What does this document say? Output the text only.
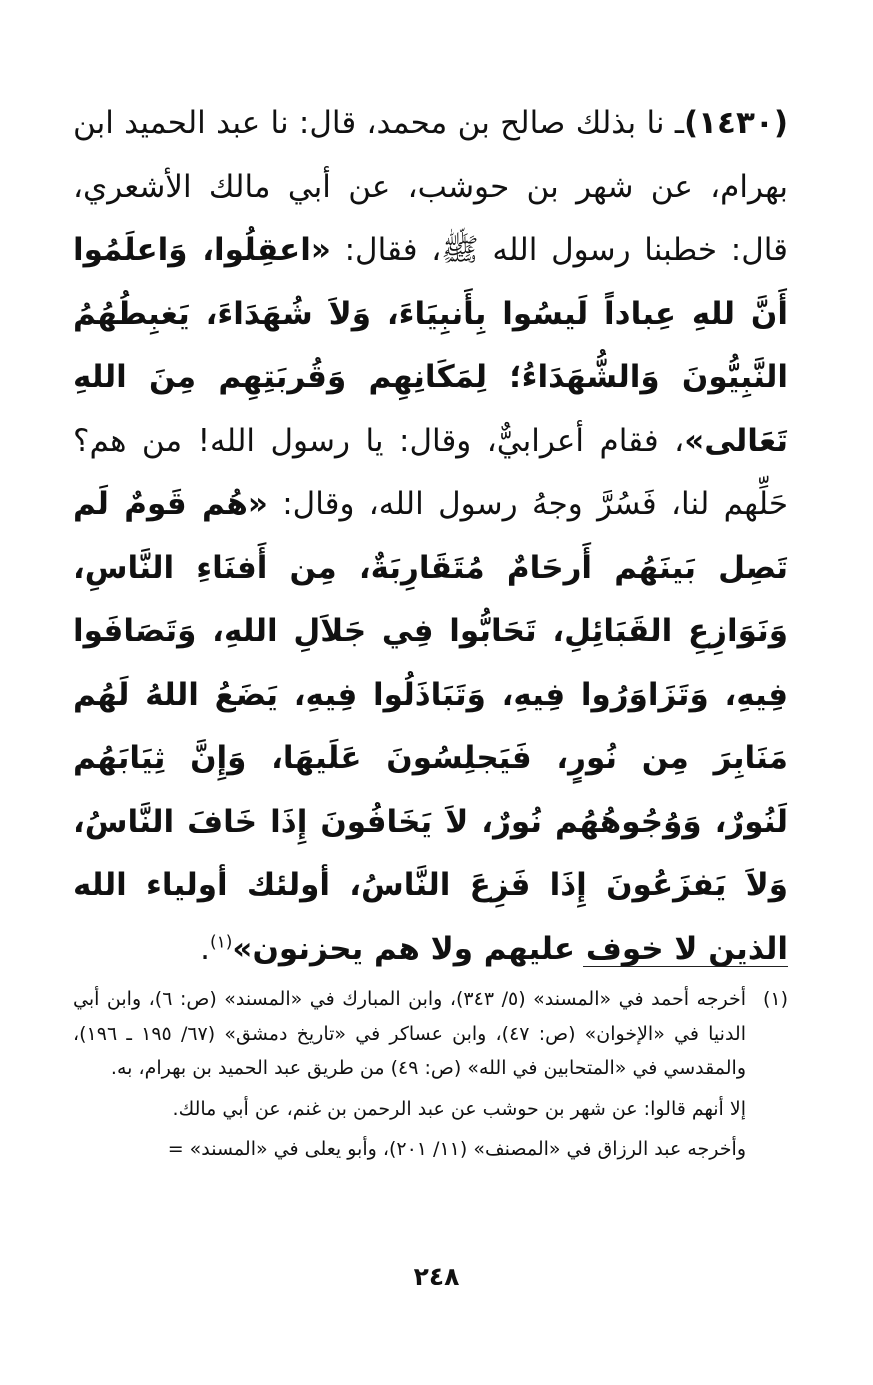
(١٤٣٠)ـ نا بذلك صالح بن محمد، قال: نا عبد الحميد ابن بهرام، عن شهر بن حوشب، عن أبي مالك الأشعري، قال: خطبنا رسول الله ﷺ، فقال: «اعقِلُوا، وَاعلَمُوا أَنَّ للهِ عِباداً لَيسُوا بِأَنبِيَاءَ، وَلاَ شُهَدَاءَ، يَغبِطُهُمُ النَّبِيُّونَ وَالشُّهَدَاءُ؛ لِمَكَانِهِم وَقُربَتِهِم مِنَ اللهِ تَعَالى»، فقام أعرابيٌّ، وقال: يا رسول الله! من هم؟ حَلِّهم لنا، فَسُرَّ وجهُ رسول الله، وقال: «هُم قَومٌ لَم تَصِل بَينَهُم أَرحَامٌ مُتَقَارِبَةٌ، مِن أَفنَاءِ النَّاسِ، وَنَوَازِعِ القَبَائِلِ، تَحَابُّوا فِي جَلاَلِ اللهِ، وَتَصَافَوا فِيهِ، وَتَزَاوَرُوا فِيهِ، وَتَبَاذَلُوا فِيهِ، يَضَعُ اللهُ لَهُم مَنَابِرَ مِن نُورٍ، فَيَجلِسُونَ عَلَيهَا، وَإِنَّ ثِيَابَهُم لَنُورٌ، وَوُجُوهُهُم نُورٌ، لاَ يَخَافُونَ إِذَا خَافَ النَّاسُ، وَلاَ يَفزَعُونَ إِذَا فَزِعَ النَّاسُ، أولئك أولياء الله الذين لا خوف عليهم ولا هم يحزنون»$^{(١)}$.

(١)

أخرجه أحمد في «المسند» (٥/ ٣٤٣)، وابن المبارك في «المسند» (ص: ٦)، وابن أبي الدنيا في «الإخوان» (ص: ٤٧)، وابن عساكر في «تاريخ دمشق» (٦٧/ ١٩٥ ـ ١٩٦)، والمقدسي في «المتحابين في الله» (ص: ٤٩) من طريق عبد الحميد بن بهرام، به.

إلا أنهم قالوا: عن شهر بن حوشب عن عبد الرحمن بن غنم، عن أبي مالك.

وأخرجه عبد الرزاق في «المصنف» (١١/ ٢٠١)، وأبو يعلى في «المسند» =

٢٤٨
